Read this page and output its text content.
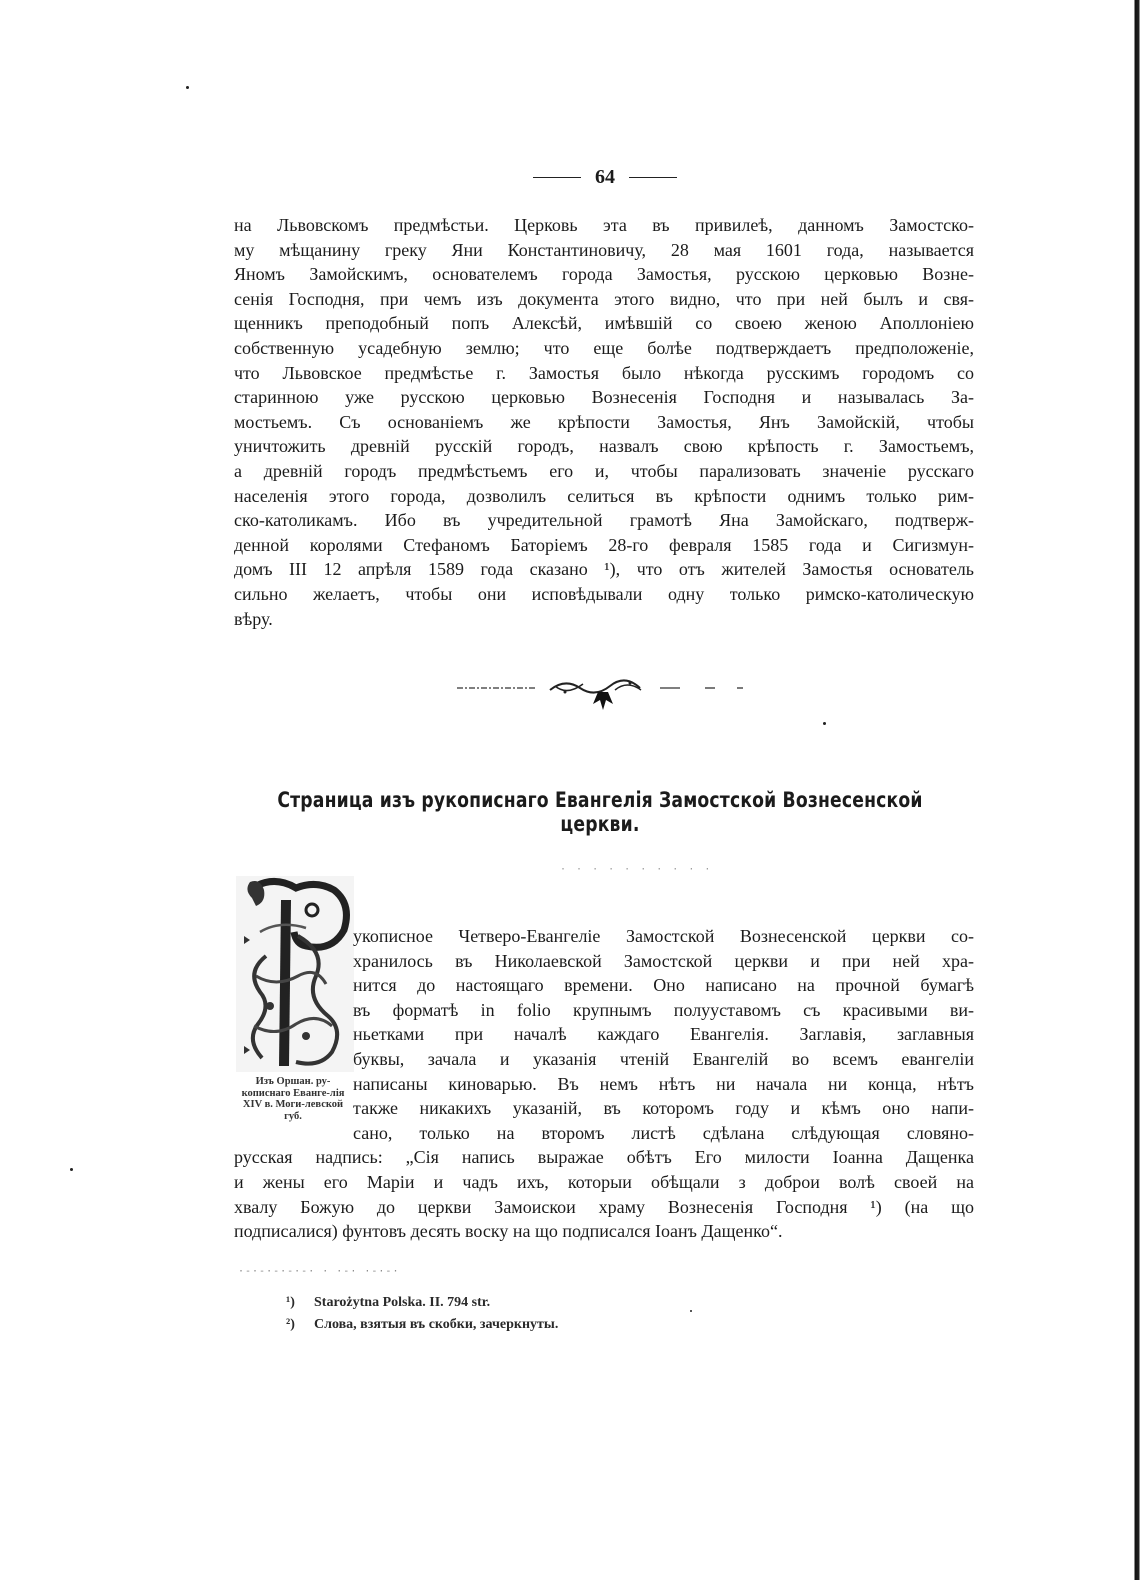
64
на Львовскомъ предмѣстьи. Церковь эта въ привилеѣ, данномъ Замостско-
му мѣщанину греку Яни Константиновичу, 28 мая 1601 года, называется
Яномъ Замойскимъ, основателемъ города Замостья, русскою церковью Возне-
сенія Господня, при чемъ изъ документа этого видно, что при ней былъ и свя-
щенникъ преподобный попъ Алексѣй, имѣвшій со своею женою Аполлоніею
собственную усадебную землю; что еще болѣе подтверждаетъ предположеніе,
что Львовское предмѣстье г. Замостья было нѣкогда русскимъ городомъ со
старинною уже русскою церковью Вознесенія Господня и называлась За-
мостьемъ. Съ основаніемъ же крѣпости Замостья, Янъ Замойскій, чтобы
уничтожить древній русскій городъ, назвалъ свою крѣпость г. Замостьемъ,
а древній городъ предмѣстьемъ его и, чтобы парализовать значеніе русскаго
населенія этого города, дозволилъ селиться въ крѣпости однимъ только рим-
ско-католикамъ. Ибо въ учредительной грамотѣ Яна Замойскаго, подтверж-
денной королями Стефаномъ Баторіемъ 28-го февраля 1585 года и Сигизмун-
домъ III 12 апрѣля 1589 года сказано ¹), что отъ жителей Замостья основатель
сильно желаетъ, чтобы они исповѣдывали одну только римско-католическую
вѣру.
Страница изъ рукописнаго Евангелія Замостской Вознесенской церкви.
· · · · · · · · · ·
Изъ Оршан. ру-кописнаго Еванге-лія XIV в. Моги-левской губ.
укописное Четверо-Евангеліе Замостской Вознесенской церкви со-
хранилось въ Николаевской Замостской церкви и при ней хра-
нится до настоящаго времени. Оно написано на прочной бумагѣ
въ форматѣ in folio крупнымъ полууставомъ съ красивыми ви-
ньетками при началѣ каждаго Евангелія. Заглавія, заглавныя
буквы, зачала и указанія чтеній Евангелій во всемъ евангеліи
написаны киноварью. Въ немъ нѣтъ ни начала ни конца, нѣтъ
также никакихъ указаній, въ которомъ году и кѣмъ оно напи-
сано, только на второмъ листѣ сдѣлана слѣдующая словяно-
русская надпись: „Сія напись выражае обѣтъ Его милости Іоанна Дащенка
и жены его Маріи и чадъ ихъ, которыи обѣщали з доброи волѣ своей на
хвалу Божую до церкви Замоискои храму Вознесенія Господня ¹) (на що
подписалися) фунтовъ десять воску на що подписался Іоанъ Дащенко“.
·-·-·-·-·-· · ·-· ·-·-·
¹) Starożytna Polska. II. 794 str.
²) Слова, взятыя въ скобки, зачеркнуты.
